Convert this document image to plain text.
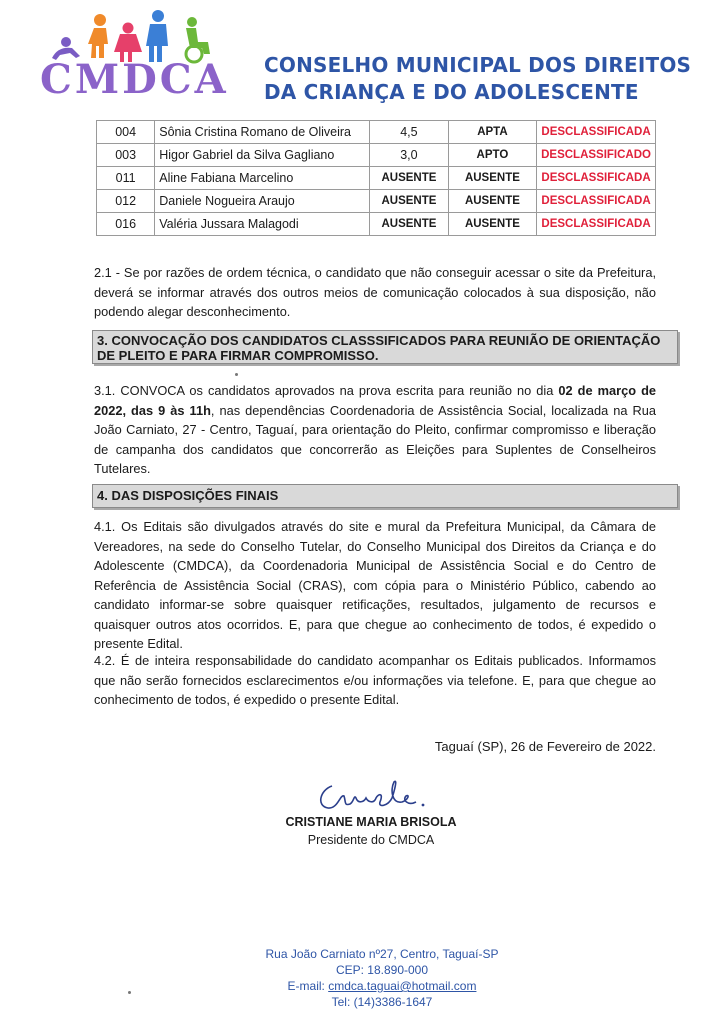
CMDCA CONSELHO MUNICIPAL DOS DIREITOS
DA CRIANÇA E DO ADOLESCENTE
004	Sônia Cristina Romano de Oliveira	4,5	APTA	DESCLASSIFICADA
003	Higor Gabriel da Silva Gagliano	3,0	APTO	DESCLASSIFICADO
011	Aline Fabiana Marcelino	AUSENTE	AUSENTE	DESCLASSIFICADA
012	Daniele Nogueira Araujo	AUSENTE	AUSENTE	DESCLASSIFICADA
016	Valéria Jussara Malagodi	AUSENTE	AUSENTE	DESCLASSIFICADA
2.1 - Se por razões de ordem técnica, o candidato que não conseguir acessar o site da Prefeitura, deverá se informar através dos outros meios de comunicação colocados à sua disposição, não podendo alegar desconhecimento.
3. CONVOCAÇÃO DOS CANDIDATOS CLASSSIFICADOS PARA REUNIÃO DE ORIENTAÇÃO DE PLEITO E PARA FIRMAR COMPROMISSO.
3.1. CONVOCA os candidatos aprovados na prova escrita para reunião no dia 02 de março de 2022, das 9 às 11h, nas dependências Coordenadoria de Assistência Social, localizada na Rua João Carniato, 27 - Centro, Taguaí, para orientação do Pleito, confirmar compromisso e liberação de campanha dos candidatos que concorrerão as Eleições para Suplentes de Conselheiros Tutelares.
4. DAS DISPOSIÇÕES FINAIS
4.1. Os Editais são divulgados através do site e mural da Prefeitura Municipal, da Câmara de Vereadores, na sede do Conselho Tutelar, do Conselho Municipal dos Direitos da Criança e do Adolescente (CMDCA), da Coordenadoria Municipal de Assistência Social e do Centro de Referência de Assistência Social (CRAS), com cópia para o Ministério Público, cabendo ao candidato informar-se sobre quaisquer retificações, resultados, julgamento de recursos e quaisquer outros atos ocorridos. E, para que chegue ao conhecimento de todos, é expedido o presente Edital.
4.2. É de inteira responsabilidade do candidato acompanhar os Editais publicados. Informamos que não serão fornecidos esclarecimentos e/ou informações via telefone. E, para que chegue ao conhecimento de todos, é expedido o presente Edital.
Taguaí (SP), 26 de Fevereiro de 2022.
CRISTIANE MARIA BRISOLA
Presidente do CMDCA
Rua João Carniato nº27, Centro, Taguaí-SP
CEP: 18.890-000
E-mail: cmdca.taguai@hotmail.com
Tel: (14)3386-1647
